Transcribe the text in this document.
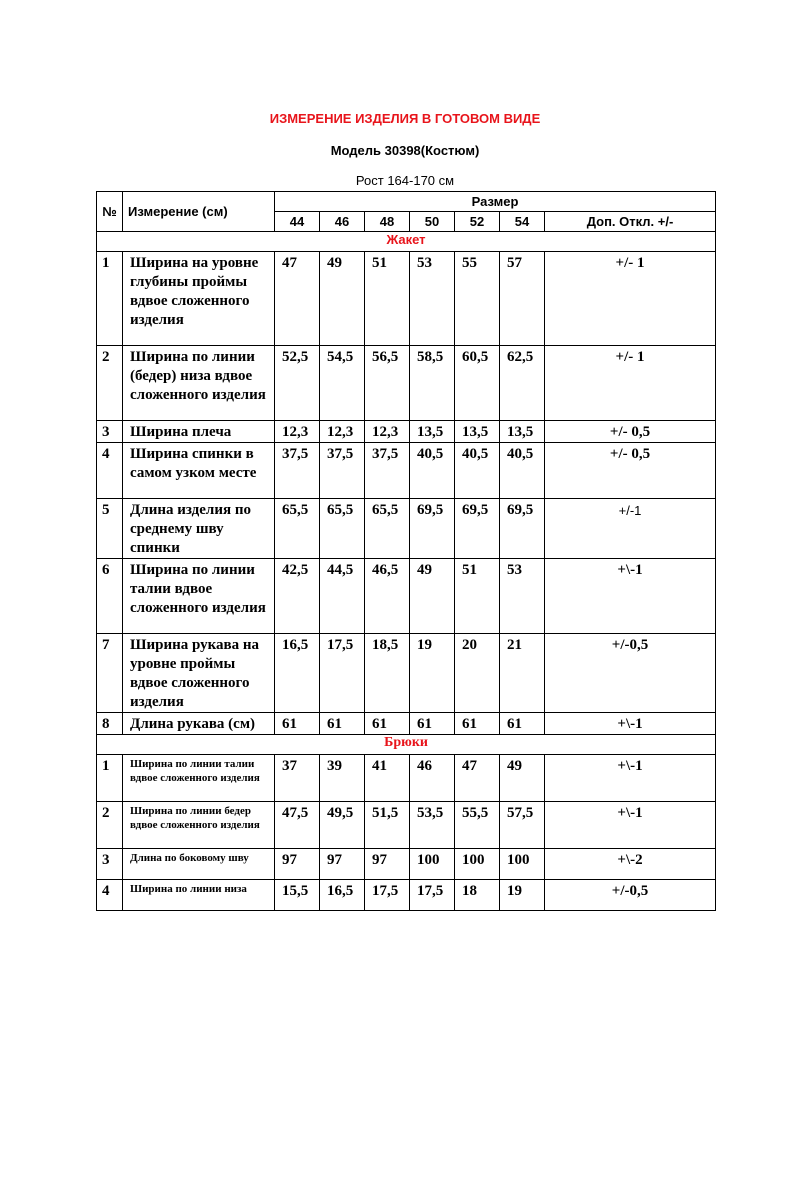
ИЗМЕРЕНИЕ ИЗДЕЛИЯ В ГОТОВОМ ВИДЕ
Модель 30398(Костюм)
Рост 164-170 см
№	Измерение (см)	Размер						
		44	46	48	50	52	54	Доп. Откл. +/-
Жакет								
1	Ширина на уровне глубины проймы вдвое сложенного изделия	47	49	51	53	55	57	+/- 1
2	Ширина по линии (бедер) низа вдвое сложенного изделия	52,5	54,5	56,5	58,5	60,5	62,5	+/- 1
3	Ширина плеча	12,3	12,3	12,3	13,5	13,5	13,5	+/- 0,5
4	Ширина спинки в самом узком месте	37,5	37,5	37,5	40,5	40,5	40,5	+/- 0,5
5	Длина изделия по среднему шву спинки	65,5	65,5	65,5	69,5	69,5	69,5	+/-1
6	Ширина по линии талии вдвое сложенного изделия	42,5	44,5	46,5	49	51	53	+\-1
7	Ширина рукава на уровне проймы вдвое сложенного изделия	16,5	17,5	18,5	19	20	21	+/-0,5
8	Длина рукава (см)	61	61	61	61	61	61	+\-1
Брюки								
1	Ширина по линии талии вдвое сложенного изделия	37	39	41	46	47	49	+\-1
2	Ширина по линии бедер вдвое сложенного изделия	47,5	49,5	51,5	53,5	55,5	57,5	+\-1
3	Длина по боковому шву	97	97	97	100	100	100	+\-2
4	Ширина по линии низа	15,5	16,5	17,5	17,5	18	19	+/-0,5
